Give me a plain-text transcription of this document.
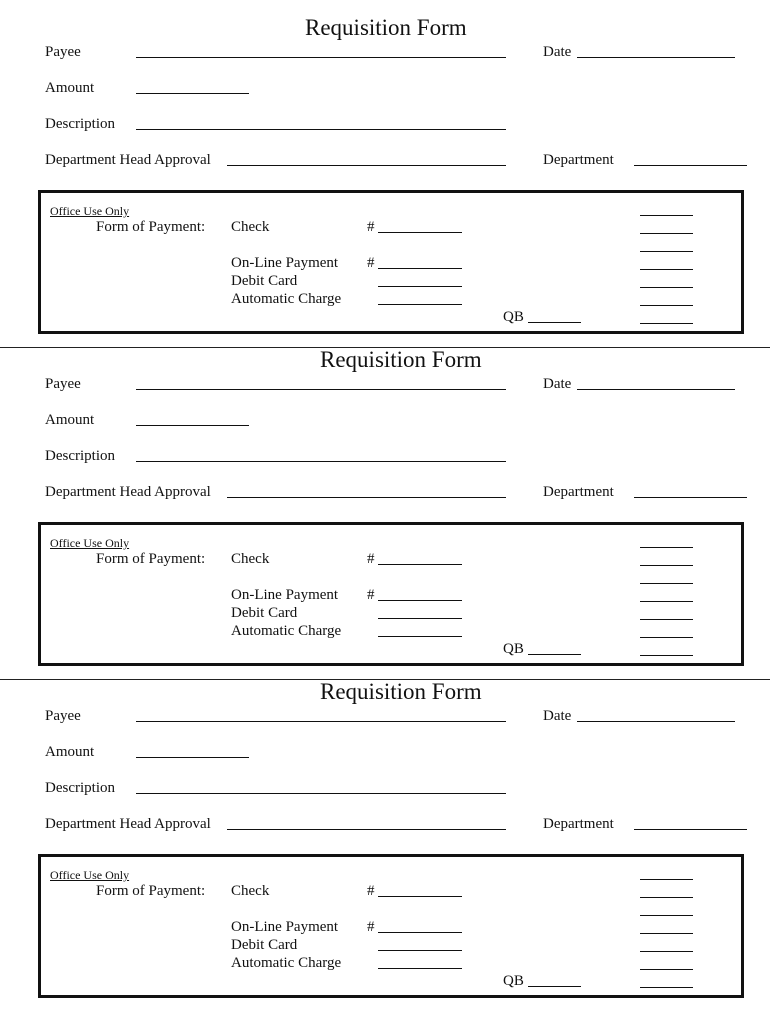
Requisition Form
Payee	Date
Amount
Description
Department Head Approval	Department
Office Use Only
Form of Payment: Check	#
On-Line Payment #
Debit Card
Automatic Charge
QB
Requisition Form
Payee	Date
Amount
Description
Department Head Approval	Department
Office Use Only
Form of Payment: Check	#
On-Line Payment #
Debit Card
Automatic Charge
QB
Requisition Form
Payee	Date
Amount
Description
Department Head Approval	Department
Office Use Only
Form of Payment: Check	#
On-Line Payment #
Debit Card
Automatic Charge
QB
